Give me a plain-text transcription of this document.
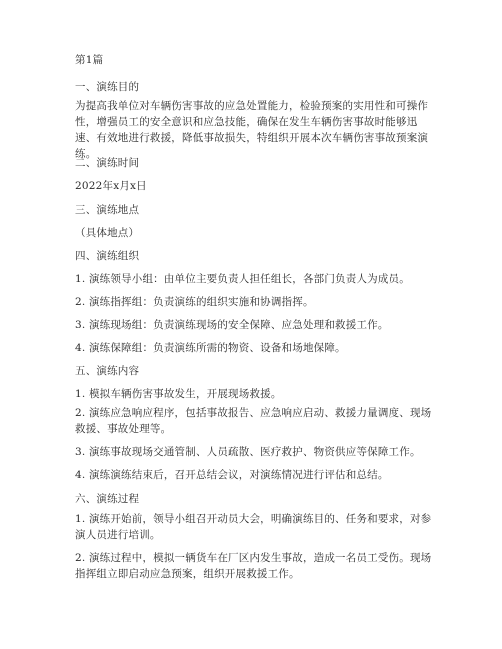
第1篇
一、演练目的
为提高我单位对车辆伤害事故的应急处置能力，检验预案的实用性和可操作性，增强员工的安全意识和应急技能，确保在发生车辆伤害事故时能够迅速、有效地进行救援，降低事故损失，特组织开展本次车辆伤害事故预案演练。
二、演练时间
2022年x月x日
三、演练地点
（具体地点）
四、演练组织
1. 演练领导小组：由单位主要负责人担任组长，各部门负责人为成员。
2. 演练指挥组：负责演练的组织实施和协调指挥。
3. 演练现场组：负责演练现场的安全保障、应急处理和救援工作。
4. 演练保障组：负责演练所需的物资、设备和场地保障。
五、演练内容
1. 模拟车辆伤害事故发生，开展现场救援。
2. 演练应急响应程序，包括事故报告、应急响应启动、救援力量调度、现场救援、事故处理等。
3. 演练事故现场交通管制、人员疏散、医疗救护、物资供应等保障工作。
4. 演练演练结束后，召开总结会议，对演练情况进行评估和总结。
六、演练过程
1. 演练开始前，领导小组召开动员大会，明确演练目的、任务和要求，对参演人员进行培训。
2. 演练过程中，模拟一辆货车在厂区内发生事故，造成一名员工受伤。现场指挥组立即启动应急预案，组织开展救援工作。
